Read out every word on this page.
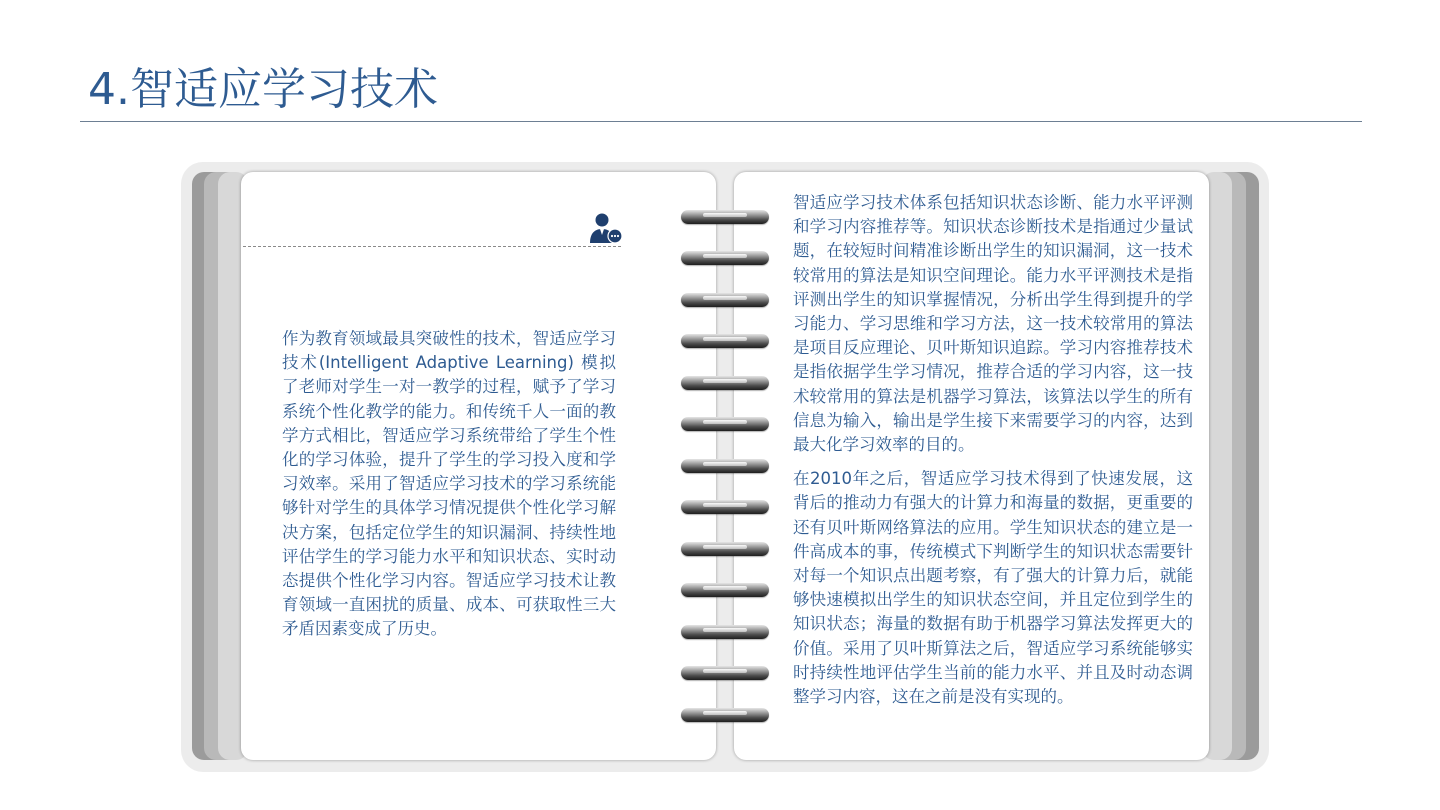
4.智适应学习技术
作为教育领域最具突破性的技术，智适应学习技术(Intelligent Adaptive Learning) 模拟了老师对学生一对一教学的过程，赋予了学习系统个性化教学的能力。和传统千人一面的教学方式相比，智适应学习系统带给了学生个性化的学习体验，提升了学生的学习投入度和学习效率。采用了智适应学习技术的学习系统能够针对学生的具体学习情况提供个性化学习解决方案，包括定位学生的知识漏洞、持续性地评估学生的学习能力水平和知识状态、实时动态提供个性化学习内容。智适应学习技术让教育领域一直困扰的质量、成本、可获取性三大矛盾因素变成了历史。

智适应学习技术体系包括知识状态诊断、能力水平评测和学习内容推荐等。知识状态诊断技术是指通过少量试题，在较短时间精准诊断出学生的知识漏洞，这一技术较常用的算法是知识空间理论。能力水平评测技术是指评测出学生的知识掌握情况，分析出学生得到提升的学习能力、学习思维和学习方法，这一技术较常用的算法是项目反应理论、贝叶斯知识追踪。学习内容推荐技术是指依据学生学习情况，推荐合适的学习内容，这一技术较常用的算法是机器学习算法，该算法以学生的所有信息为输入，输出是学生接下来需要学习的内容，达到最大化学习效率的目的。

在2010年之后，智适应学习技术得到了快速发展，这背后的推动力有强大的计算力和海量的数据，更重要的还有贝叶斯网络算法的应用。学生知识状态的建立是一件高成本的事，传统模式下判断学生的知识状态需要针对每一个知识点出题考察，有了强大的计算力后，就能够快速模拟出学生的知识状态空间，并且定位到学生的知识状态；海量的数据有助于机器学习算法发挥更大的价值。采用了贝叶斯算法之后，智适应学习系统能够实时持续性地评估学生当前的能力水平、并且及时动态调整学习内容，这在之前是没有实现的。
